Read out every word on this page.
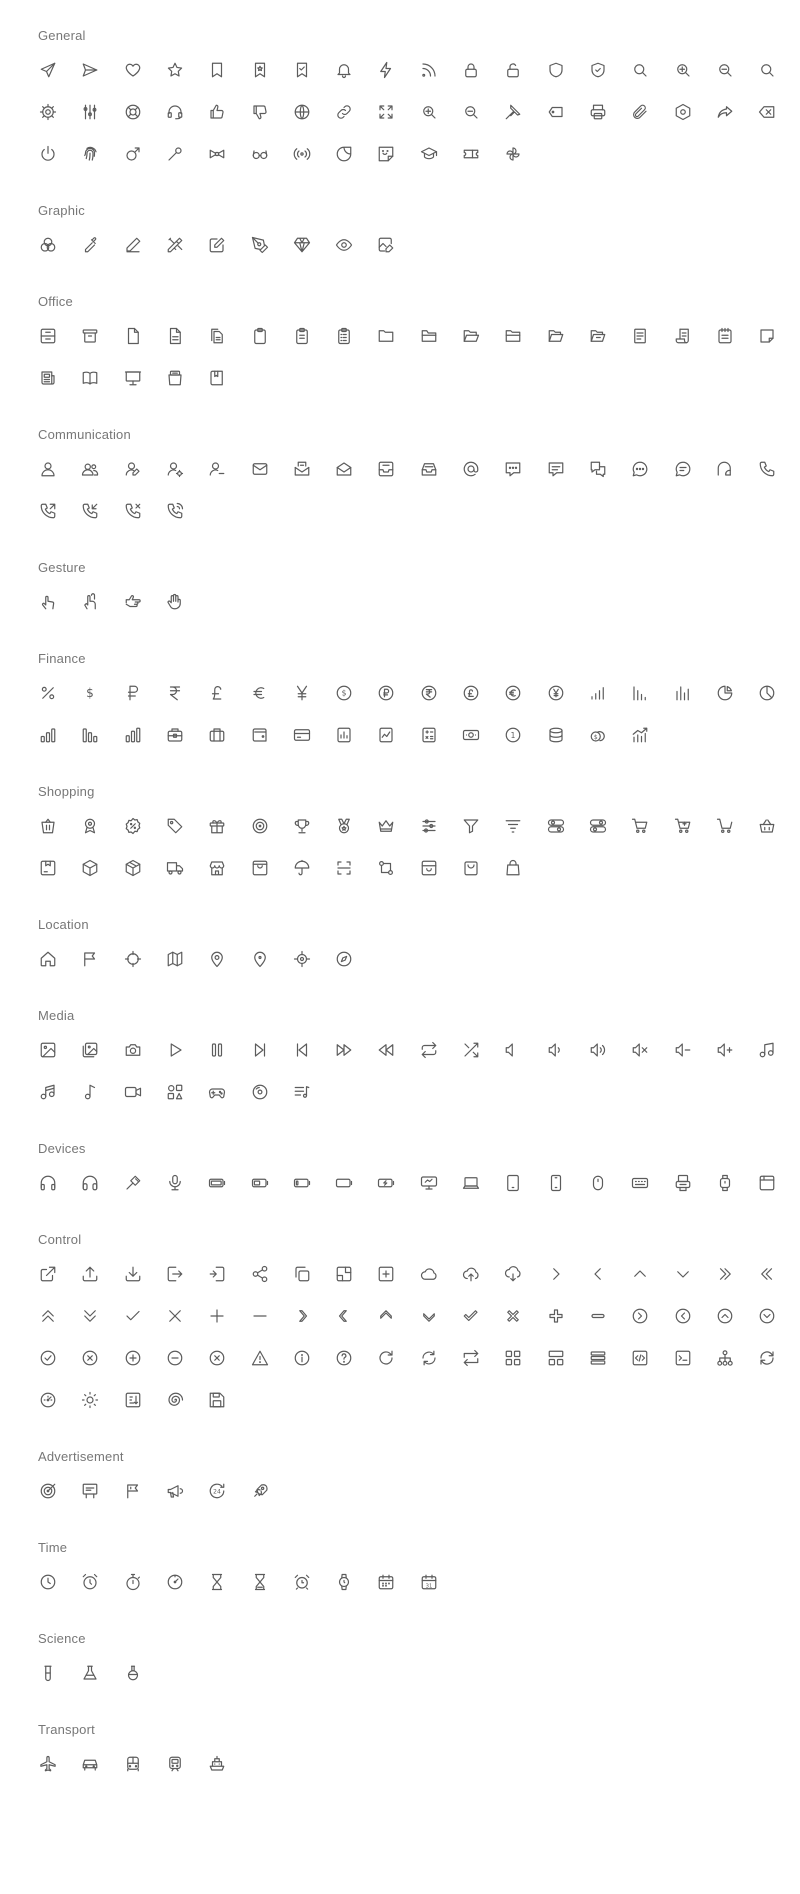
General
Graphic
Office
Communication
Gesture
Finance
$	$
1	$
Shopping
Location
Media
Devices
Control
Advertisement
24
Time
31
Science
Transport
